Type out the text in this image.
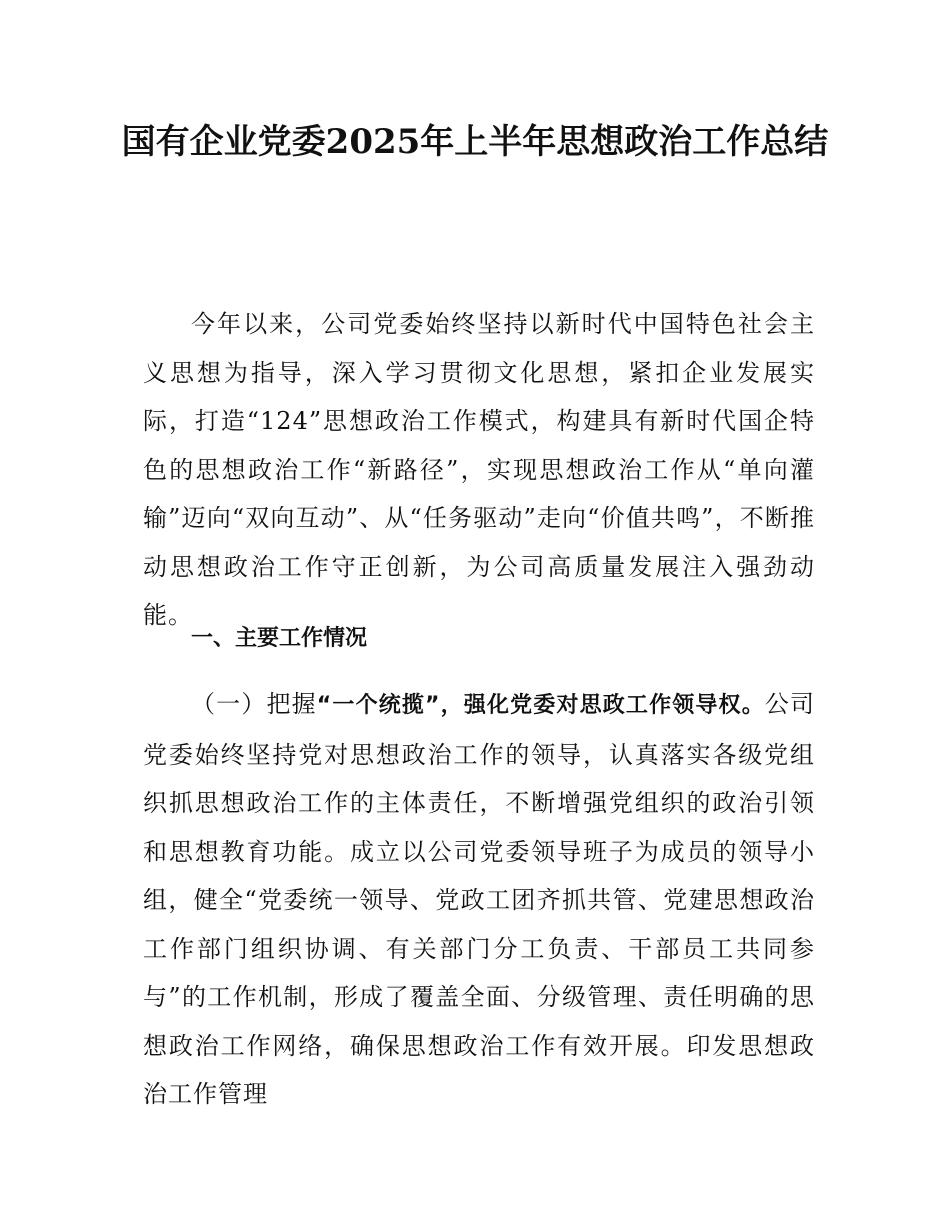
国有企业党委2025年上半年思想政治工作总结

今年以来，公司党委始终坚持以新时代中国特色社会主义思想为指导，深入学习贯彻文化思想，紧扣企业发展实际，打造“124”思想政治工作模式，构建具有新时代国企特色的思想政治工作“新路径”，实现思想政治工作从“单向灌输”迈向“双向互动”、从“任务驱动”走向“价值共鸣”，不断推动思想政治工作守正创新，为公司高质量发展注入强劲动能。

一、主要工作情况

（一）把握“一个统揽”，强化党委对思政工作领导权。公司党委始终坚持党对思想政治工作的领导，认真落实各级党组织抓思想政治工作的主体责任，不断增强党组织的政治引领和思想教育功能。成立以公司党委领导班子为成员的领导小组，健全“党委统一领导、党政工团齐抓共管、党建思想政治工作部门组织协调、有关部门分工负责、干部员工共同参与”的工作机制，形成了覆盖全面、分级管理、责任明确的思想政治工作网络，确保思想政治工作有效开展。印发思想政治工作管理
